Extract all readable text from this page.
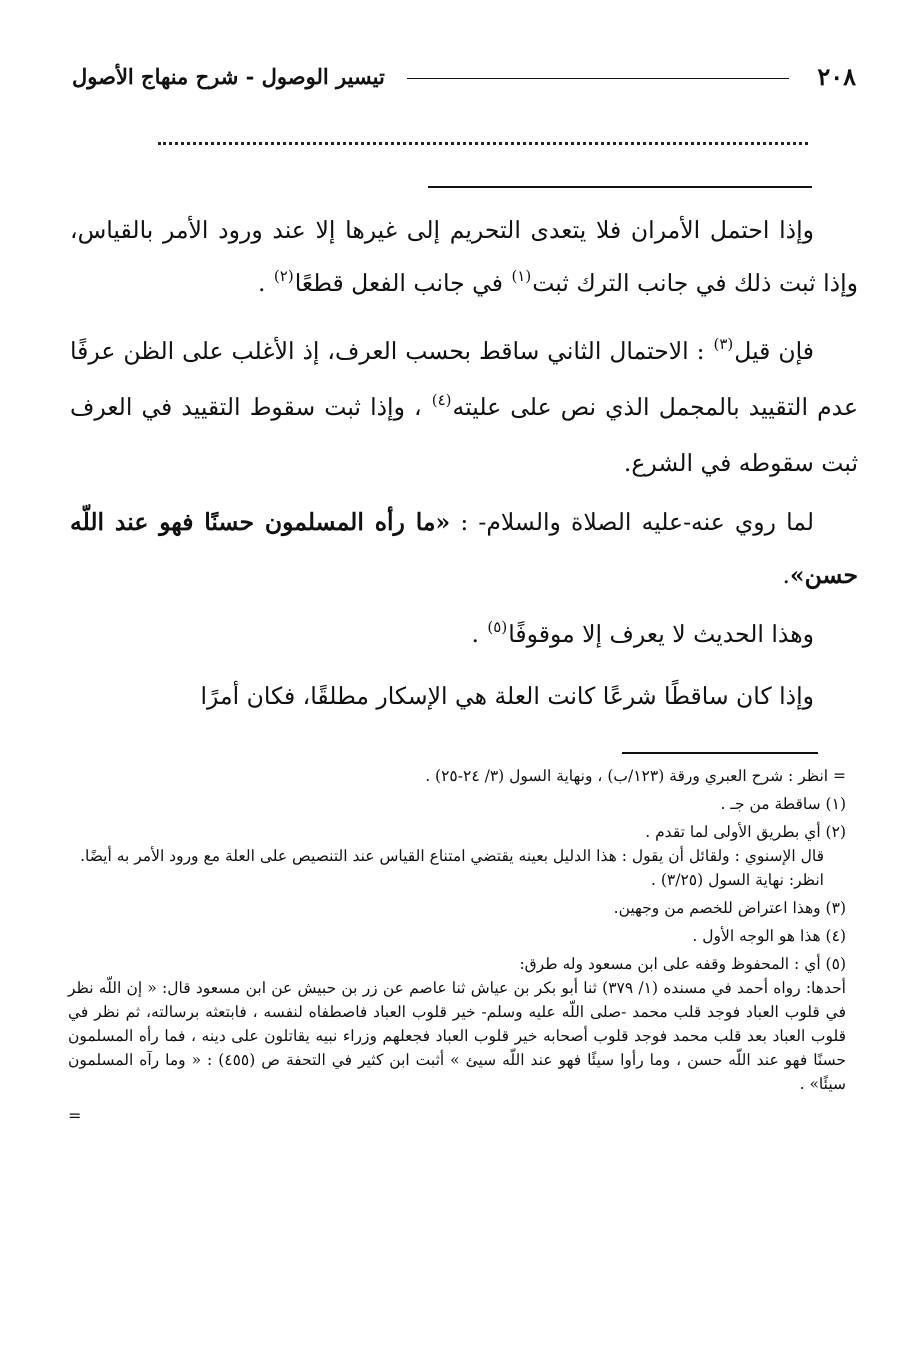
٢٠٨
تيسير الوصول - شرح منهاج الأصول

وإذا احتمل الأمران فلا يتعدى التحريم إلى غيرها إلا عند ورود الأمر بالقياس، وإذا ثبت ذلك في جانب الترك ثبت$^{(١)}$ في جانب الفعل قطعًا$^{(٢)}$ .

فإن قيل$^{(٣)}$ : الاحتمال الثاني ساقط بحسب العرف، إذ الأغلب على الظن عرفًا عدم التقييد بالمجمل الذي نص على عليته$^{(٤)}$ ، وإذا ثبت سقوط التقييد في العرف ثبت سقوطه في الشرع.

لما روي عنه-عليه الصلاة والسلام- : «ما رأه المسلمون حسنًا فهو عند اللّه حسن».

وهذا الحديث لا يعرف إلا موقوفًا$^{(٥)}$ .

وإذا كان ساقطًا شرعًا كانت العلة هي الإسكار مطلقًا، فكان أمرًا

= انظر : شرح العبري ورقة (١٢٣/ب) ، ونهاية السول (٣/ ٢٤-٢٥) .

(١) ساقطة من جـ .

(٢) أي بطريق الأولى لما تقدم .

قال الإسنوي : ولقائل أن يقول : هذا الدليل بعينه يقتضي امتناع القياس عند التنصيص على العلة مع ورود الأمر به أيضًا.

انظر: نهاية السول (٣/٢٥) .

(٣) وهذا اعتراض للخصم من وجهين.

(٤) هذا هو الوجه الأول .

(٥) أي : المحفوظ وقفه على ابن مسعود وله طرق:

أحدها: رواه أحمد في مسنده (١/ ٣٧٩) ثنا أبو بكر بن عياش ثنا عاصم عن زر بن حبيش عن ابن مسعود قال: « إن اللّه نظر في قلوب العباد فوجد قلب محمد -صلى اللّه عليه وسلم- خير قلوب العباد فاصطفاه لنفسه ، فابتعثه برسالته، ثم نظر في قلوب العباد بعد قلب محمد فوجد قلوب أصحابه خير قلوب العباد فجعلهم وزراء نبيه يقاتلون على دينه ، فما رأه المسلمون حسنًا فهو عند اللّه حسن ، وما رأوا سيئًا فهو عند اللّه سيئ » أثبت ابن كثير في التحفة ص (٤٥٥) : « وما رآه المسلمون سيئًا» .

=
